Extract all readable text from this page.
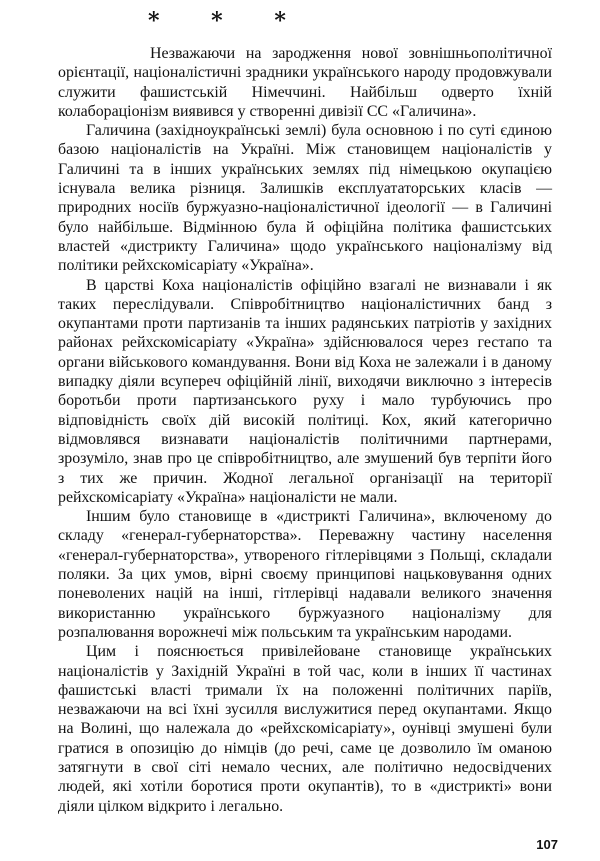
* * *

Незважаючи на зародження нової зовнішньополітичної орієнтації, націоналістичні зрадники українського народу продовжували служити фашистській Німеччині. Найбільш одверто їхній колабораціонізм виявився у створенні дивізії СС «Галичина».

Галичина (західноукраїнські землі) була основною і по суті єдиною базою націоналістів на Україні. Між становищем націоналістів у Галичині та в інших українських землях під німецькою окупацією існувала велика різниця. Залишків експлуататорських класів — природних носіїв буржуазно-націоналістичної ідеології — в Галичині було найбільше. Відмінною була й офіційна політика фашистських властей «дистрикту Галичина» щодо українського націоналізму від політики рейхскомісаріату «Україна».

В царстві Коха націоналістів офіційно взагалі не визнавали і як таких переслідували. Співробітництво націоналістичних банд з окупантами проти партизанів та інших радянських патріотів у західних районах рейхскомісаріату «Україна» здійснювалося через гестапо та органи військового командування. Вони від Коха не залежали і в даному випадку діяли всупереч офіційній лінії, виходячи виключно з інтересів боротьби проти партизанського руху і мало турбуючись про відповідність своїх дій високій політиці. Кох, який категорично відмовлявся визнавати націоналістів політичними партнерами, зрозуміло, знав про це співробітництво, але змушений був терпіти його з тих же причин. Жодної легальної організації на території рейхскомісаріату «Україна» націоналісти не мали.

Іншим було становище в «дистрикті Галичина», включеному до складу «генерал-губернаторства». Переважну частину населення «генерал-губернаторства», утвореного гітлерівцями з Польщі, складали поляки. За цих умов, вірні своєму принципові нацьковування одних поневолених націй на інші, гітлерівці надавали великого значення використанню українського буржуазного націоналізму для розпалювання ворожнечі між польським та українським народами.

Цим і пояснюється привілейоване становище українських націоналістів у Західній Україні в той час, коли в інших її частинах фашистські власті тримали їх на положенні політичних паріїв, незважаючи на всі їхні зусилля вислужитися перед окупантами. Якщо на Волині, що належала до «рейхскомісаріату», оунівці змушені були гратися в опозицію до німців (до речі, саме це дозволило їм оманою затягнути в свої сіті немало чесних, але політично недосвідчених людей, які хотіли боротися проти окупантів), то в «дистрикті» вони діяли цілком відкрито і легально.

107
